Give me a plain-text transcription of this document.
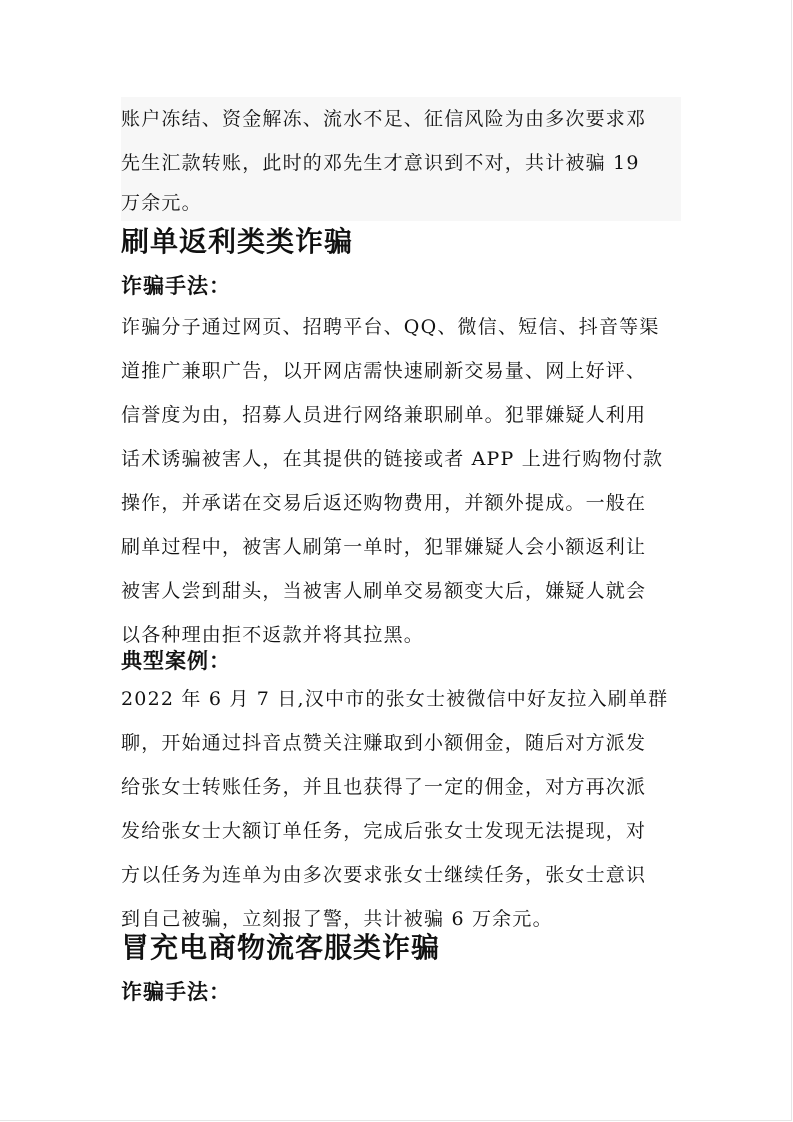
账户冻结、资金解冻、流水不足、征信风险为由多次要求邓
先生汇款转账，此时的邓先生才意识到不对，共计被骗 19
万余元。
刷单返利类类诈骗
诈骗手法：
诈骗分子通过网页、招聘平台、QQ、微信、短信、抖音等渠
道推广兼职广告，以开网店需快速刷新交易量、网上好评、
信誉度为由，招募人员进行网络兼职刷单。犯罪嫌疑人利用
话术诱骗被害人，在其提供的链接或者 APP 上进行购物付款
操作，并承诺在交易后返还购物费用，并额外提成。一般在
刷单过程中，被害人刷第一单时，犯罪嫌疑人会小额返利让
被害人尝到甜头，当被害人刷单交易额变大后，嫌疑人就会
以各种理由拒不返款并将其拉黑。
典型案例：
2022 年 6 月 7 日,汉中市的张女士被微信中好友拉入刷单群
聊，开始通过抖音点赞关注赚取到小额佣金，随后对方派发
给张女士转账任务，并且也获得了一定的佣金，对方再次派
发给张女士大额订单任务，完成后张女士发现无法提现，对
方以任务为连单为由多次要求张女士继续任务，张女士意识
到自己被骗，立刻报了警，共计被骗 6 万余元。
冒充电商物流客服类诈骗
诈骗手法：
